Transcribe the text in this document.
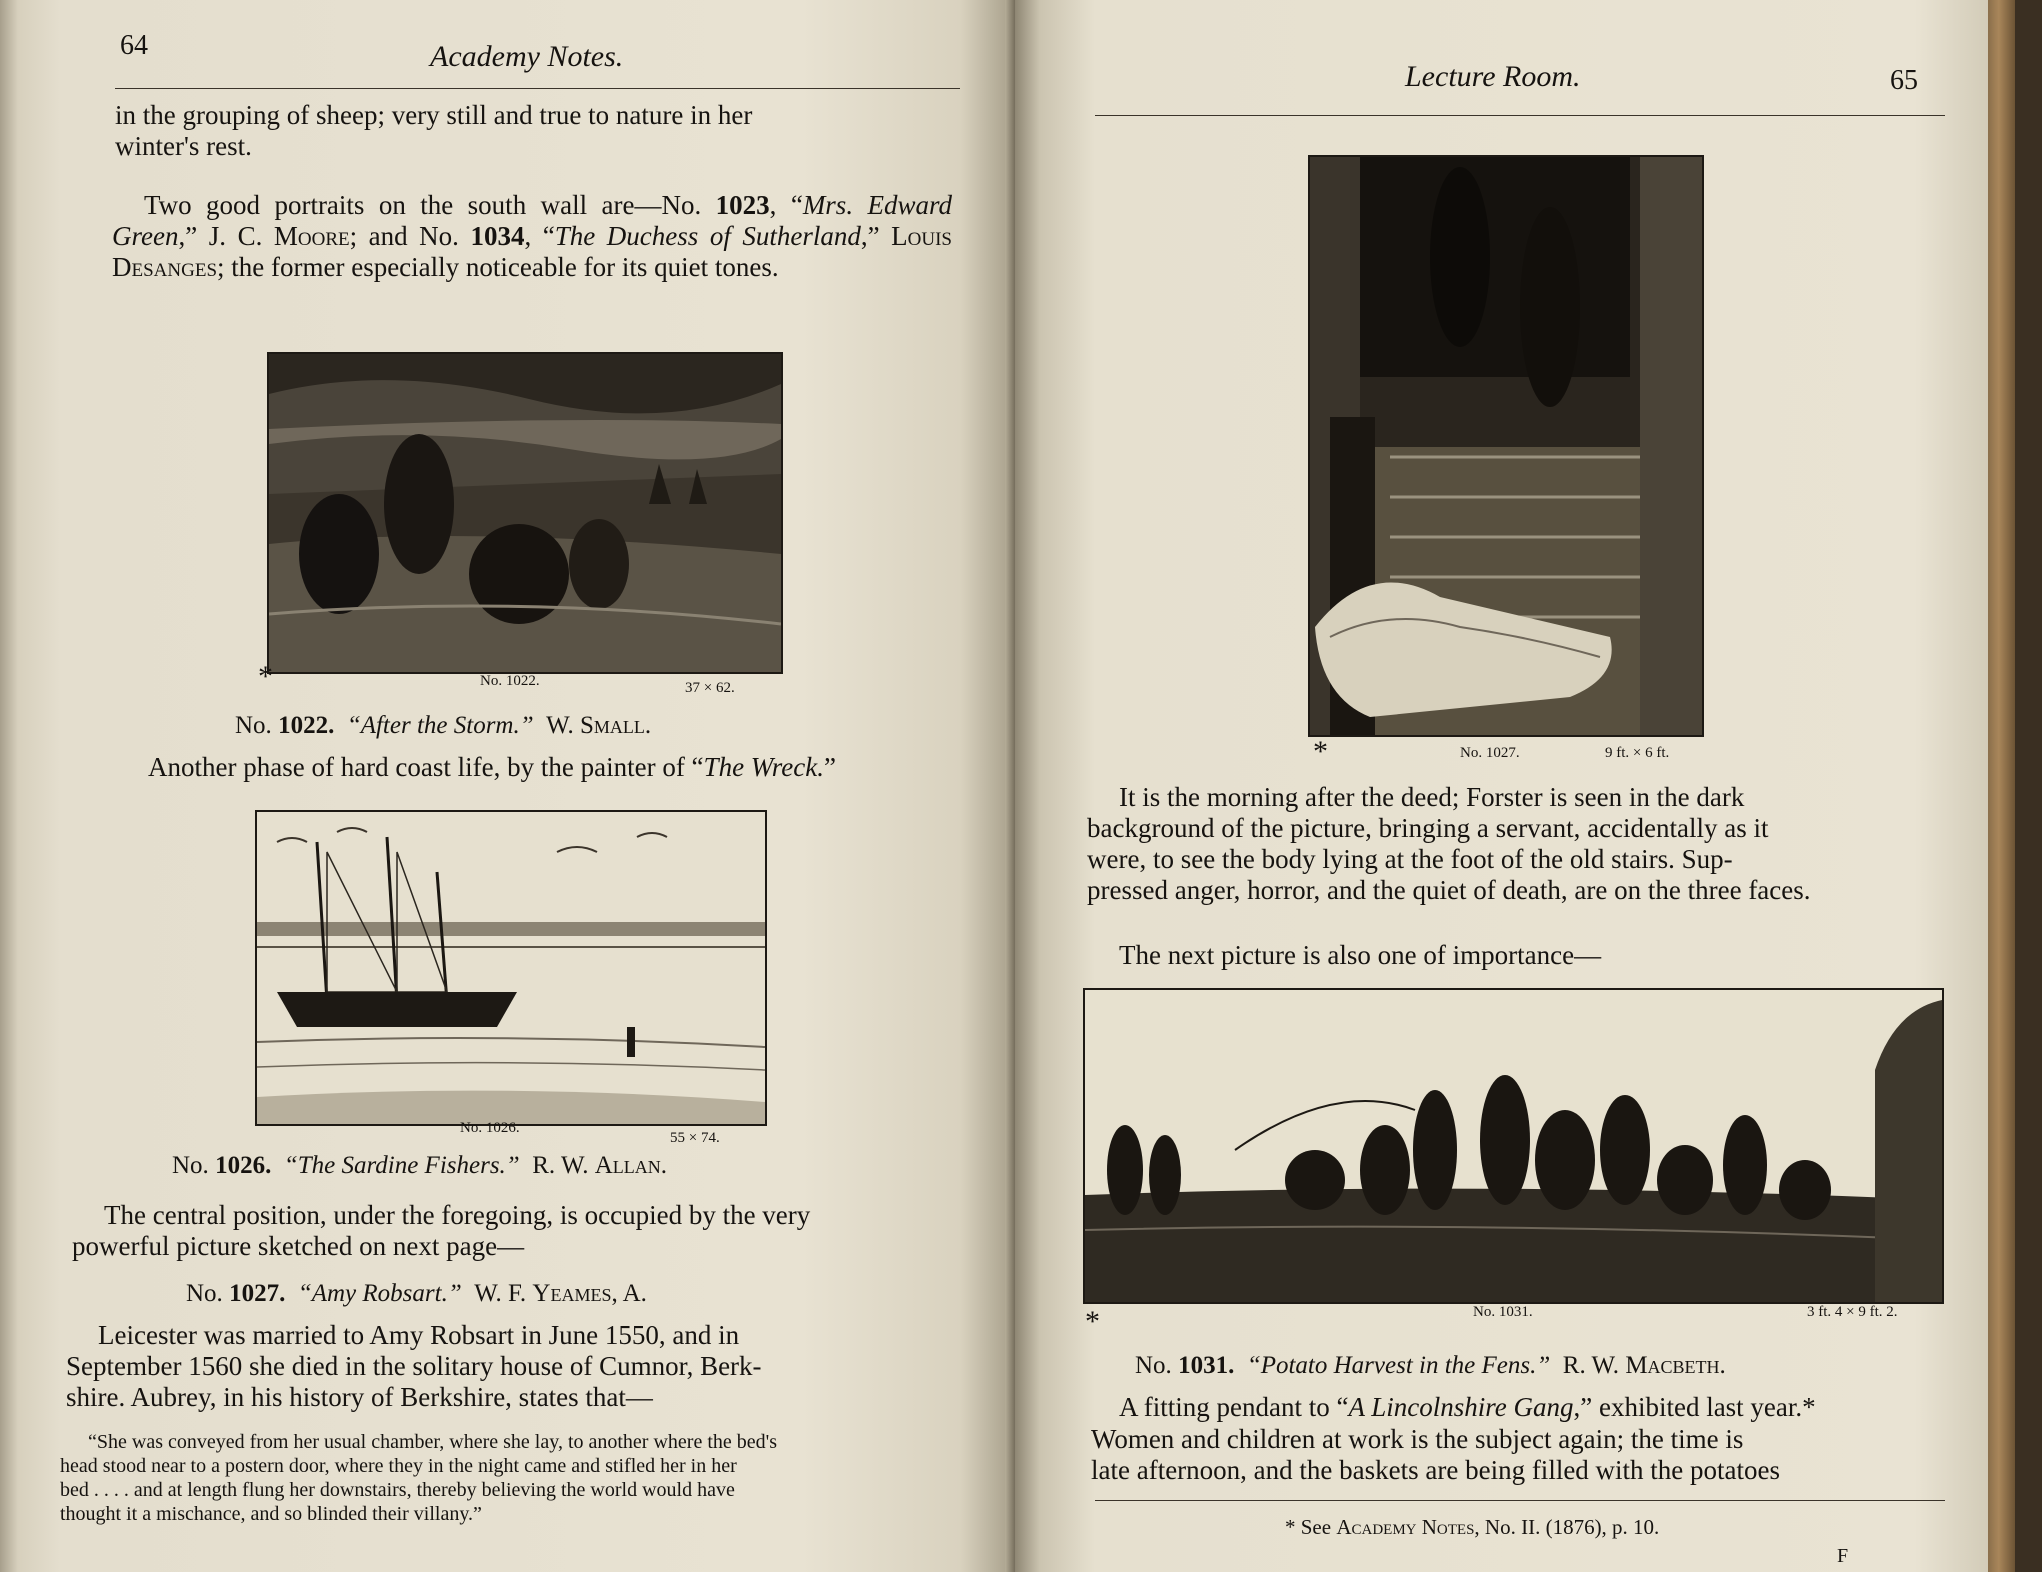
64	Academy Notes.
in the grouping of sheep; very still and true to nature in her
winter's rest.
Two good portraits on the south wall are—No. 1023, “Mrs. Edward Green,” J. C. Moore; and No. 1034, “The Duchess of Sutherland,” Louis Desanges; the former especially noticeable for its quiet tones.
*	No. 1022.	37 × 62.
No. 1022. “After the Storm.” W. Small.
Another phase of hard coast life, by the painter of “The Wreck.”
No. 1026.
55 × 74.
No. 1026. “The Sardine Fishers.” R. W. Allan.
The central position, under the foregoing, is occupied by the very
powerful picture sketched on next page—
No. 1027. “Amy Robsart.” W. F. Yeames, A.
Leicester was married to Amy Robsart in June 1550, and in
September 1560 she died in the solitary house of Cumnor, Berk-
shire. Aubrey, in his history of Berkshire, states that—
“She was conveyed from her usual chamber, where she lay, to another where the bed's
head stood near to a postern door, where they in the night came and stifled her in her
bed . . . . and at length flung her downstairs, thereby believing the world would have
thought it a mischance, and so blinded their villany.”
Lecture Room.	65
*	No. 1027.	9 ft. × 6 ft.
It is the morning after the deed; Forster is seen in the dark
background of the picture, bringing a servant, accidentally as it
were, to see the body lying at the foot of the old stairs. Sup-
pressed anger, horror, and the quiet of death, are on the three faces.
The next picture is also one of importance—
*	No. 1031.	3 ft. 4 × 9 ft. 2.
No. 1031. “Potato Harvest in the Fens.” R. W. Macbeth.
A fitting pendant to “A Lincolnshire Gang,” exhibited last year.*
Women and children at work is the subject again; the time is
late afternoon, and the baskets are being filled with the potatoes
* See Academy Notes, No. II. (1876), p. 10.
F
